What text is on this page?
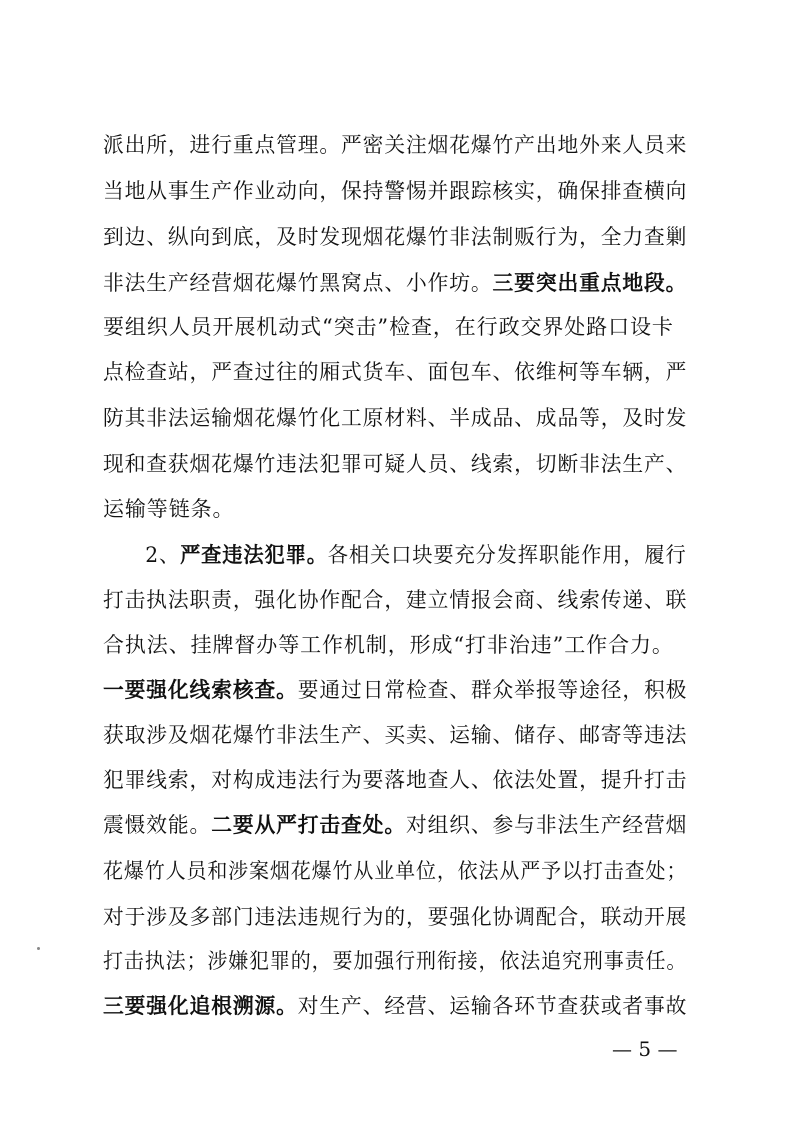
派出所，进行重点管理。严密关注烟花爆竹产出地外来人员来
当地从事生产作业动向，保持警惕并跟踪核实，确保排查横向
到边、纵向到底，及时发现烟花爆竹非法制贩行为，全力查剿
非法生产经营烟花爆竹黑窝点、小作坊。三要突出重点地段。
要组织人员开展机动式“突击”检查，在行政交界处路口设卡
点检查站，严查过往的厢式货车、面包车、依维柯等车辆，严
防其非法运输烟花爆竹化工原材料、半成品、成品等，及时发
现和查获烟花爆竹违法犯罪可疑人员、线索，切断非法生产、
运输等链条。
　　2、严查违法犯罪。各相关口块要充分发挥职能作用，履行
打击执法职责，强化协作配合，建立情报会商、线索传递、联
合执法、挂牌督办等工作机制，形成“打非治违”工作合力。
一要强化线索核查。要通过日常检查、群众举报等途径，积极
获取涉及烟花爆竹非法生产、买卖、运输、储存、邮寄等违法
犯罪线索，对构成违法行为要落地查人、依法处置，提升打击
震慑效能。二要从严打击查处。对组织、参与非法生产经营烟
花爆竹人员和涉案烟花爆竹从业单位，依法从严予以打击查处；
对于涉及多部门违法违规行为的，要强化协调配合，联动开展
打击执法；涉嫌犯罪的，要加强行刑衔接，依法追究刑事责任。
三要强化追根溯源。对生产、经营、运输各环节查获或者事故
— 5 —
